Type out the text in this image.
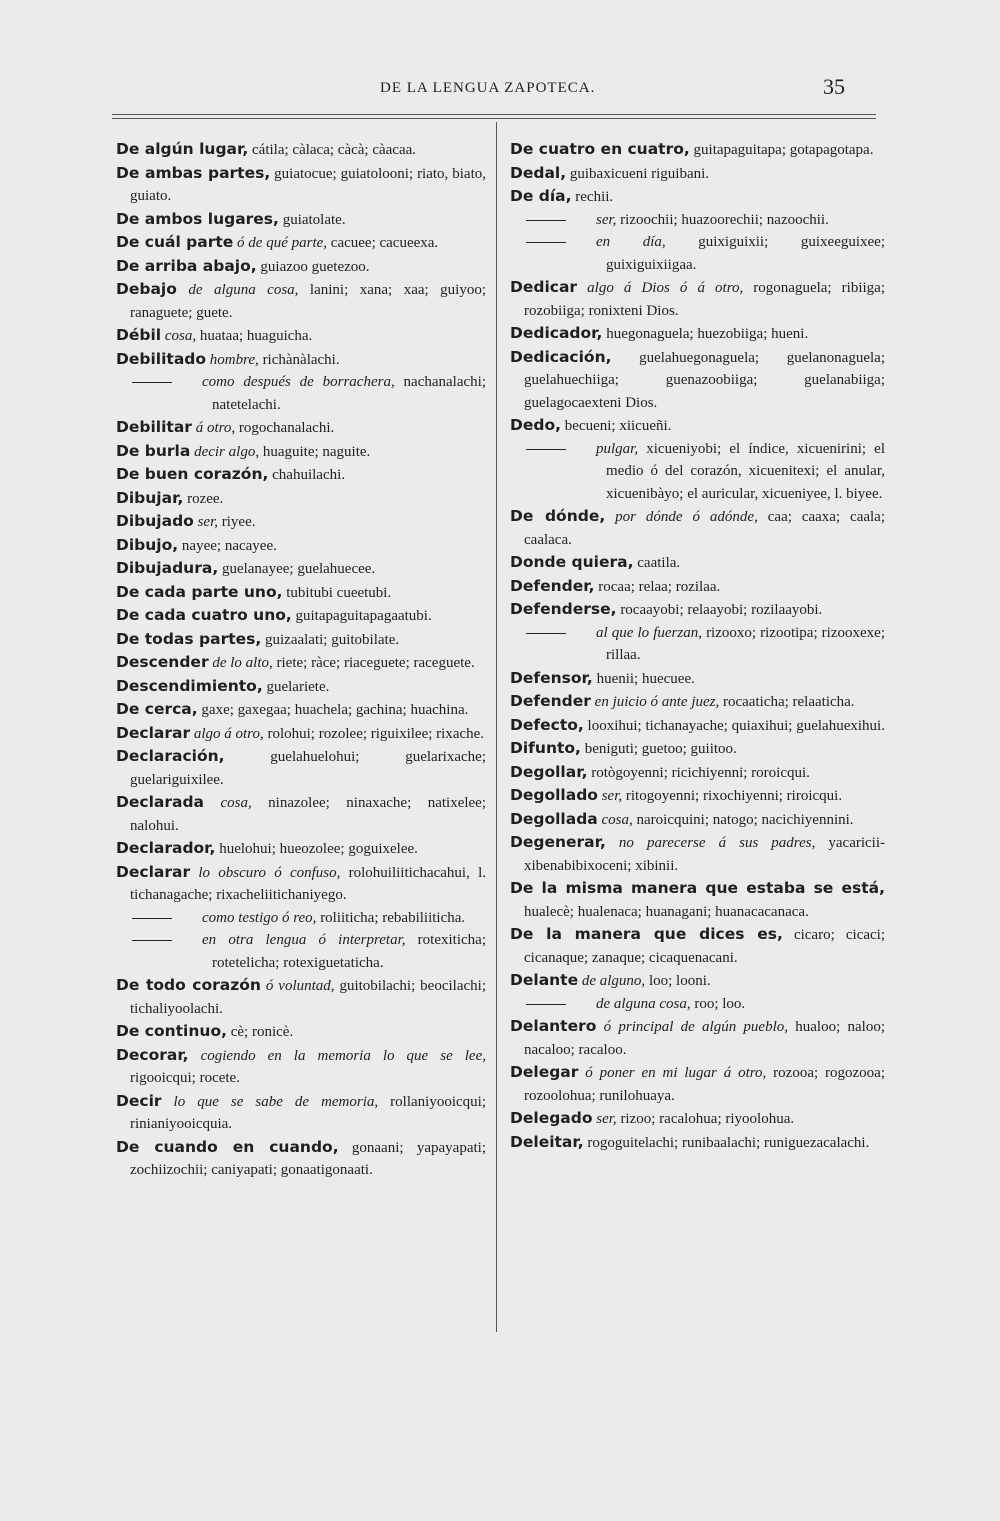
DE LA LENGUA ZAPOTECA.	35
De algún lugar, cátila; càlaca; càcà; càacaa.
De ambas partes, guiatocue; guiatolooni; riato, biato, guiato.
De ambos lugares, guiatolate.
De cuál parte ó de qué parte, cacuee; cacueexa.
De arriba abajo, guiazoo guetezoo.
Debajo de alguna cosa, lanini; xana; xaa; guiyoo; ranaguete; guete.
Débil cosa, huataa; huaguicha.
Debilitado hombre, richànàlachi.
como después de borrachera, nachanalachi; natetelachi.
Debilitar á otro, rogochanalachi.
De burla decir algo, huaguite; naguite.
De buen corazón, chahuilachi.
Dibujar, rozee.
Dibujado ser, riyee.
Dibujo, nayee; nacayee.
Dibujadura, guelanayee; guelahuecee.
De cada parte uno, tubitubi cueetubi.
De cada cuatro uno, guitapaguitapagaatubi.
De todas partes, guizaalati; guitobilate.
Descender de lo alto, riete; ràce; riaceguete; raceguete.
Descendimiento, guelariete.
De cerca, gaxe; gaxegaa; huachela; gachina; huachina.
Declarar algo á otro, rolohui; rozolee; riguixilee; rixache.
Declaración, guelahuelohui; guelarixache; guelariguixilee.
Declarada cosa, ninazolee; ninaxache; natixelee; nalohui.
Declarador, huelohui; hueozolee; goguixelee.
Declarar lo obscuro ó confuso, rolohuiliitichacahui, l. tichanagache; rixacheliitichaniyego.
como testigo ó reo, roliiticha; rebabiliiticha.
en otra lengua ó interpretar, rotexiticha; rotetelicha; rotexiguetaticha.
De todo corazón ó voluntad, guitobilachi; beocilachi; tichaliyoolachi.
De continuo, cè; ronicè.
Decorar, cogiendo en la memoria lo que se lee, rigooicqui; rocete.
Decir lo que se sabe de memoria, rollaniyooicqui; rinianiyooicquia.
De cuando en cuando, gonaani; yapayapati; zochiizochii; caniyapati; gonaatigonaati.
De cuatro en cuatro, guitapaguitapa; gotapagotapa.
Dedal, guibaxicueni riguibani.
De día, rechii.
ser, rizoochii; huazoorechii; nazoochii.
en día, guixiguixii; guixeeguixee; guixiguixiigaa.
Dedicar algo á Dios ó á otro, rogonaguela; ribiiga; rozobiiga; ronixteni Dios.
Dedicador, huegonaguela; huezobiiga; hueni.
Dedicación, guelahuegonaguela; guelanonaguela; guelahuechiiga; guenazoobiiga; guelanabiiga; guelagocaexteni Dios.
Dedo, becueni; xiicueñi.
pulgar, xicueniyobi; el índice, xicuenirini; el medio ó del corazón, xicuenitexi; el anular, xicuenibàyo; el auricular, xicueniyee, l. biyee.
De dónde, por dónde ó adónde, caa; caaxa; caala; caalaca.
Donde quiera, caatila.
Defender, rocaa; relaa; rozilaa.
Defenderse, rocaayobi; relaayobi; rozilaayobi.
al que lo fuerzan, rizooxo; rizootipa; rizooxexe; rillaa.
Defensor, huenii; huecuee.
Defender en juicio ó ante juez, rocaaticha; relaaticha.
Defecto, looxihui; tichanayache; quiaxihui; guelahuexihui.
Difunto, beniguti; guetoo; guiitoo.
Degollar, rotògoyenni; ricichiyenni; roroicqui.
Degollado ser, ritogoyenni; rixochiyenni; riroicqui.
Degollada cosa, naroicquini; natogo; nacichiyennini.
Degenerar, no parecerse á sus padres, yacaricii-xibenabibixoceni; xibinii.
De la misma manera que estaba se está, hualecè; hualenaca; huanagani; huanacacanaca.
De la manera que dices es, cicaro; cicaci; cicanaque; zanaque; cicaquenacani.
Delante de alguno, loo; looni.
de alguna cosa, roo; loo.
Delantero ó principal de algún pueblo, hualoo; naloo; nacaloo; racaloo.
Delegar ó poner en mi lugar á otro, rozooa; rogozooa; rozoolohua; runilohuaya.
Delegado ser, rizoo; racalohua; riyoolohua.
Deleitar, rogoguitelachi; runibaalachi; runiguezacalachi.
